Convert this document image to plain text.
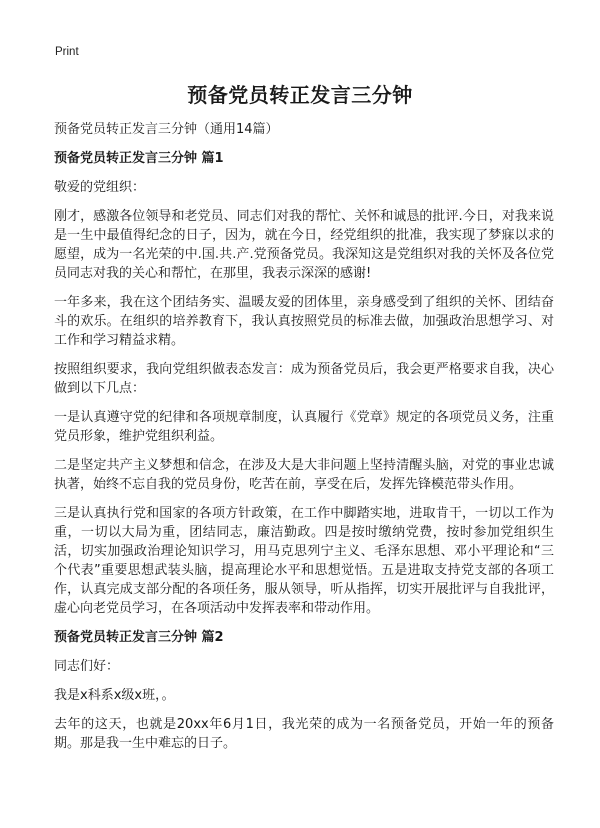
Print
预备党员转正发言三分钟
预备党员转正发言三分钟（通用14篇）
预备党员转正发言三分钟 篇1
敬爱的党组织：
刚才，感激各位领导和老党员、同志们对我的帮忙、关怀和诚恳的批评.今日，对我来说是一生中最值得纪念的日子，因为，就在今日，经党组织的批准，我实现了梦寐以求的愿望，成为一名光荣的中.国.共.产.党预备党员。我深知这是党组织对我的关怀及各位党员同志对我的关心和帮忙，在那里，我表示深深的感谢!
一年多来，我在这个团结务实、温暖友爱的团体里，亲身感受到了组织的关怀、团结奋斗的欢乐。在组织的培养教育下，我认真按照党员的标准去做，加强政治思想学习、对工作和学习精益求精。
按照组织要求，我向党组织做表态发言：成为预备党员后，我会更严格要求自我，决心做到以下几点：
一是认真遵守党的纪律和各项规章制度，认真履行《党章》规定的各项党员义务，注重党员形象，维护党组织利益。
二是坚定共产主义梦想和信念，在涉及大是大非问题上坚持清醒头脑，对党的事业忠诚执著，始终不忘自我的党员身份，吃苦在前，享受在后，发挥先锋模范带头作用。
三是认真执行党和国家的各项方针政策，在工作中脚踏实地，进取肯干，一切以工作为重，一切以大局为重，团结同志，廉洁勤政。四是按时缴纳党费，按时参加党组织生活，切实加强政治理论知识学习，用马克思列宁主义、毛泽东思想、邓小平理论和“三个代表”重要思想武装头脑，提高理论水平和思想觉悟。五是进取支持党支部的各项工作，认真完成支部分配的各项任务，服从领导，听从指挥，切实开展批评与自我批评，虚心向老党员学习，在各项活动中发挥表率和带动作用。
预备党员转正发言三分钟 篇2
同志们好：
我是x科系x级x班，。
去年的这天，也就是20xx年6月1日，我光荣的成为一名预备党员，开始一年的预备期。那是我一生中难忘的日子。
